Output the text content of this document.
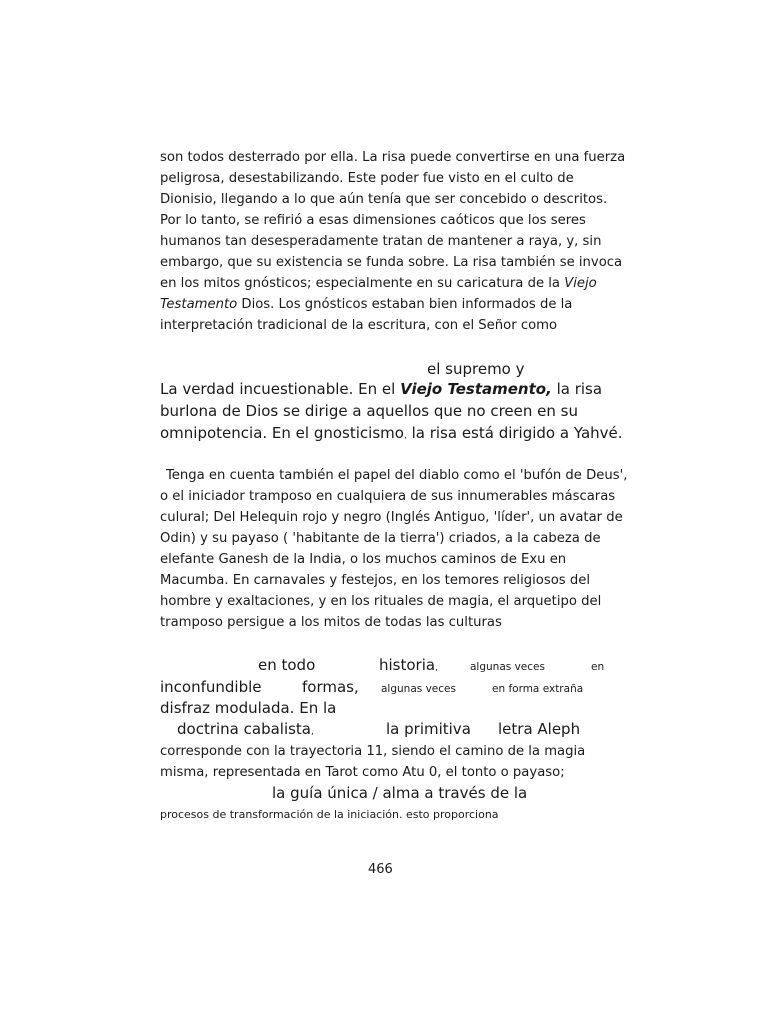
son todos desterrado por ella. La risa puede convertirse en una fuerza
peligrosa, desestabilizando. Este poder fue visto en el culto de
Dionisio, llegando a lo que aún tenía que ser concebido o descritos.
Por lo tanto, se refirió a esas dimensiones caóticos que los seres
humanos tan desesperadamente tratan de mantener a raya, y, sin
embargo, que su existencia se funda sobre. La risa también se invoca
en los mitos gnósticos; especialmente en su caricatura de la Viejo
Testamento Dios. Los gnósticos estaban bien informados de la
interpretación tradicional de la escritura, con el Señor como
el supremo y
La verdad incuestionable. En el Viejo Testamento, la risa
burlona de Dios se dirige a aquellos que no creen en su
omnipotencia. En el gnosticismo, la risa está dirigido a Yahvé.
Tenga en cuenta también el papel del diablo como el 'bufón de Deus',
o el iniciador tramposo en cualquiera de sus innumerables máscaras
culural; Del Helequin rojo y negro (Inglés Antiguo, 'líder', un avatar de
Odin) y su payaso ( 'habitante de la tierra') criados, a la cabeza de
elefante Ganesh de la India, o los muchos caminos de Exu en
Macumba. En carnavales y festejos, en los temores religiosos del
hombre y exaltaciones, y en los rituales de magia, el arquetipo del
tramposo persigue a los mitos de todas las culturas
en todo	historia,	algunas veces	en
inconfundible	formas, algunas veces	en forma extraña
disfraz modulada. En la
doctrina cabalista,	la primitiva letra Aleph
corresponde con la trayectoria 11, siendo el camino de la magia
misma, representada en Tarot como Atu 0, el tonto o payaso;
la guía única / alma a través de la
procesos de transformación de la iniciación. esto proporciona
466
